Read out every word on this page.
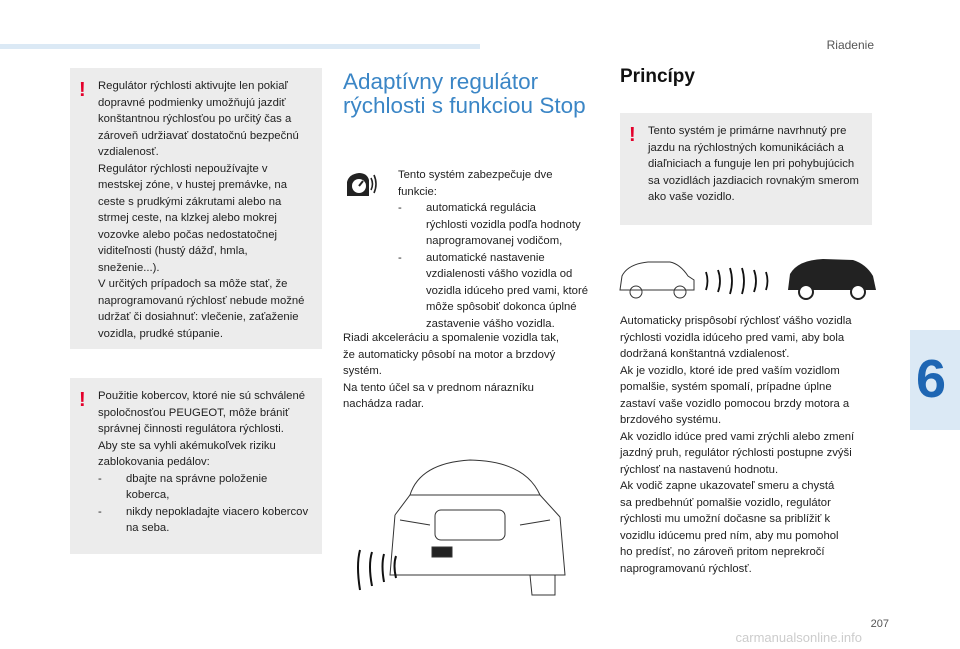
Riadenie
6
! Regulátor rýchlosti aktivujte len pokiaľ
dopravné podmienky umožňujú jazdiť
konštantnou rýchlosťou po určitý čas a
zároveň udržiavať dostatočnú bezpečnú
vzdialenosť.
Regulátor rýchlosti nepoužívajte v
mestskej zóne, v hustej premávke, na
ceste s prudkými zákrutami alebo na
strmej ceste, na klzkej alebo mokrej
vozovke alebo počas nedostatočnej
viditeľnosti (hustý dážď, hmla, sneženie...).
V určitých prípadoch sa môže stať, že
naprogramovanú rýchlosť nebude možné
udržať či dosiahnuť: vlečenie, zaťaženie
vozidla, prudké stúpanie.
! Použitie kobercov, ktoré nie sú schválené
spoločnosťou PEUGEOT, môže brániť
správnej činnosti regulátora rýchlosti.
Aby ste sa vyhli akémukoľvek riziku
zablokovania pedálov:
- dbajte na správne položenie koberca,
- nikdy nepokladajte viacero kobercov
na seba.
Adaptívny regulátor
rýchlosti s funkciou Stop
Tento systém zabezpečuje dve
funkcie:
- automatická regulácia
rýchlosti vozidla podľa hodnoty
naprogramovanej vodičom,
- automatické nastavenie
vzdialenosti vášho vozidla od
vozidla idúceho pred vami, ktoré
môže spôsobiť dokonca úplné
zastavenie vášho vozidla.
Riadi akceleráciu a spomalenie vozidla tak,
že automaticky pôsobí na motor a brzdový
systém.
Na tento účel sa v prednom nárazníku
nachádza radar.
Princípy
! Tento systém je primárne navrhnutý pre
jazdu na rýchlostných komunikáciách a
diaľniciach a funguje len pri pohybujúcich
sa vozidlách jazdiacich rovnakým smerom
ako vaše vozidlo.
Automaticky prispôsobí rýchlosť vášho vozidla
rýchlosti vozidla idúceho pred vami, aby bola
dodržaná konštantná vzdialenosť.
Ak je vozidlo, ktoré ide pred vaším vozidlom
pomalšie, systém spomalí, prípadne úplne
zastaví vaše vozidlo pomocou brzdy motora a
brzdového systému.
Ak vozidlo idúce pred vami zrýchli alebo zmení
jazdný pruh, regulátor rýchlosti postupne zvýši
rýchlosť na nastavenú hodnotu.
Ak vodič zapne ukazovateľ smeru a chystá
sa predbehnúť pomalšie vozidlo, regulátor
rýchlosti mu umožní dočasne sa priblížiť k
vozidlu idúcemu pred ním, aby mu pomohol
ho predísť, no zároveň pritom neprekročí
naprogramovanú rýchlosť.
207
carmanualsonline.info
